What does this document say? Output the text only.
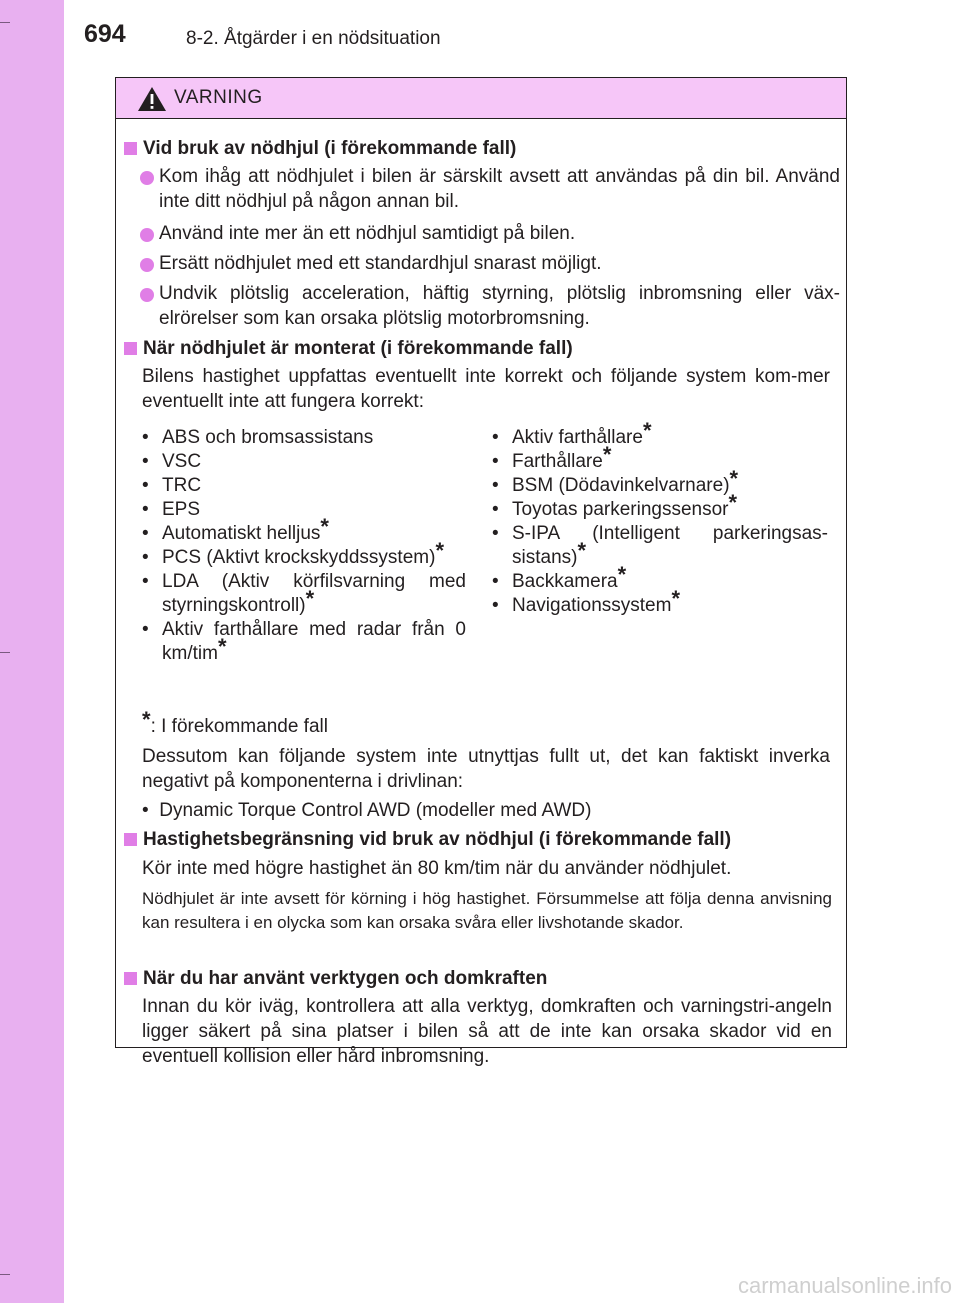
694	8-2. Åtgärder i en nödsituation
VARNING
Vid bruk av nödhjul (i förekommande fall)
Kom ihåg att nödhjulet i bilen är särskilt avsett att användas på din bil. Använd inte ditt nödhjul på någon annan bil.
Använd inte mer än ett nödhjul samtidigt på bilen.
Ersätt nödhjulet med ett standardhjul snarast möjligt.
Undvik plötslig acceleration, häftig styrning, plötslig inbromsning eller väx-elrörelser som kan orsaka plötslig motorbromsning.
När nödhjulet är monterat (i förekommande fall)
Bilens hastighet uppfattas eventuellt inte korrekt och följande system kom-mer eventuellt inte att fungera korrekt:
• ABS och bromsassistans
• VSC
• TRC
• EPS
• Automatiskt helljus*
• PCS (Aktivt krockskyddssystem)*
• LDA (Aktiv körfilsvarning med styrningskontroll)*
• Aktiv farthållare med radar från 0 km/tim*
• Aktiv farthållare*
• Farthållare*
• BSM (Dödavinkelvarnare)*
• Toyotas parkeringssensor*
• S-IPA (Intelligent parkeringsas-sistans)*
• Backkamera*
• Navigationssystem*
*: I förekommande fall
Dessutom kan följande system inte utnyttjas fullt ut, det kan faktiskt inverka negativt på komponenterna i drivlinan:
• Dynamic Torque Control AWD (modeller med AWD)
Hastighetsbegränsning vid bruk av nödhjul (i förekommande fall)
Kör inte med högre hastighet än 80 km/tim när du använder nödhjulet.
Nödhjulet är inte avsett för körning i hög hastighet. Försummelse att följa denna anvisning kan resultera i en olycka som kan orsaka svåra eller livshotande skador.
När du har använt verktygen och domkraften
Innan du kör iväg, kontrollera att alla verktyg, domkraften och varningstri-angeln ligger säkert på sina platser i bilen så att de inte kan orsaka skador vid en eventuell kollision eller hård inbromsning.
carmanualsonline.info
